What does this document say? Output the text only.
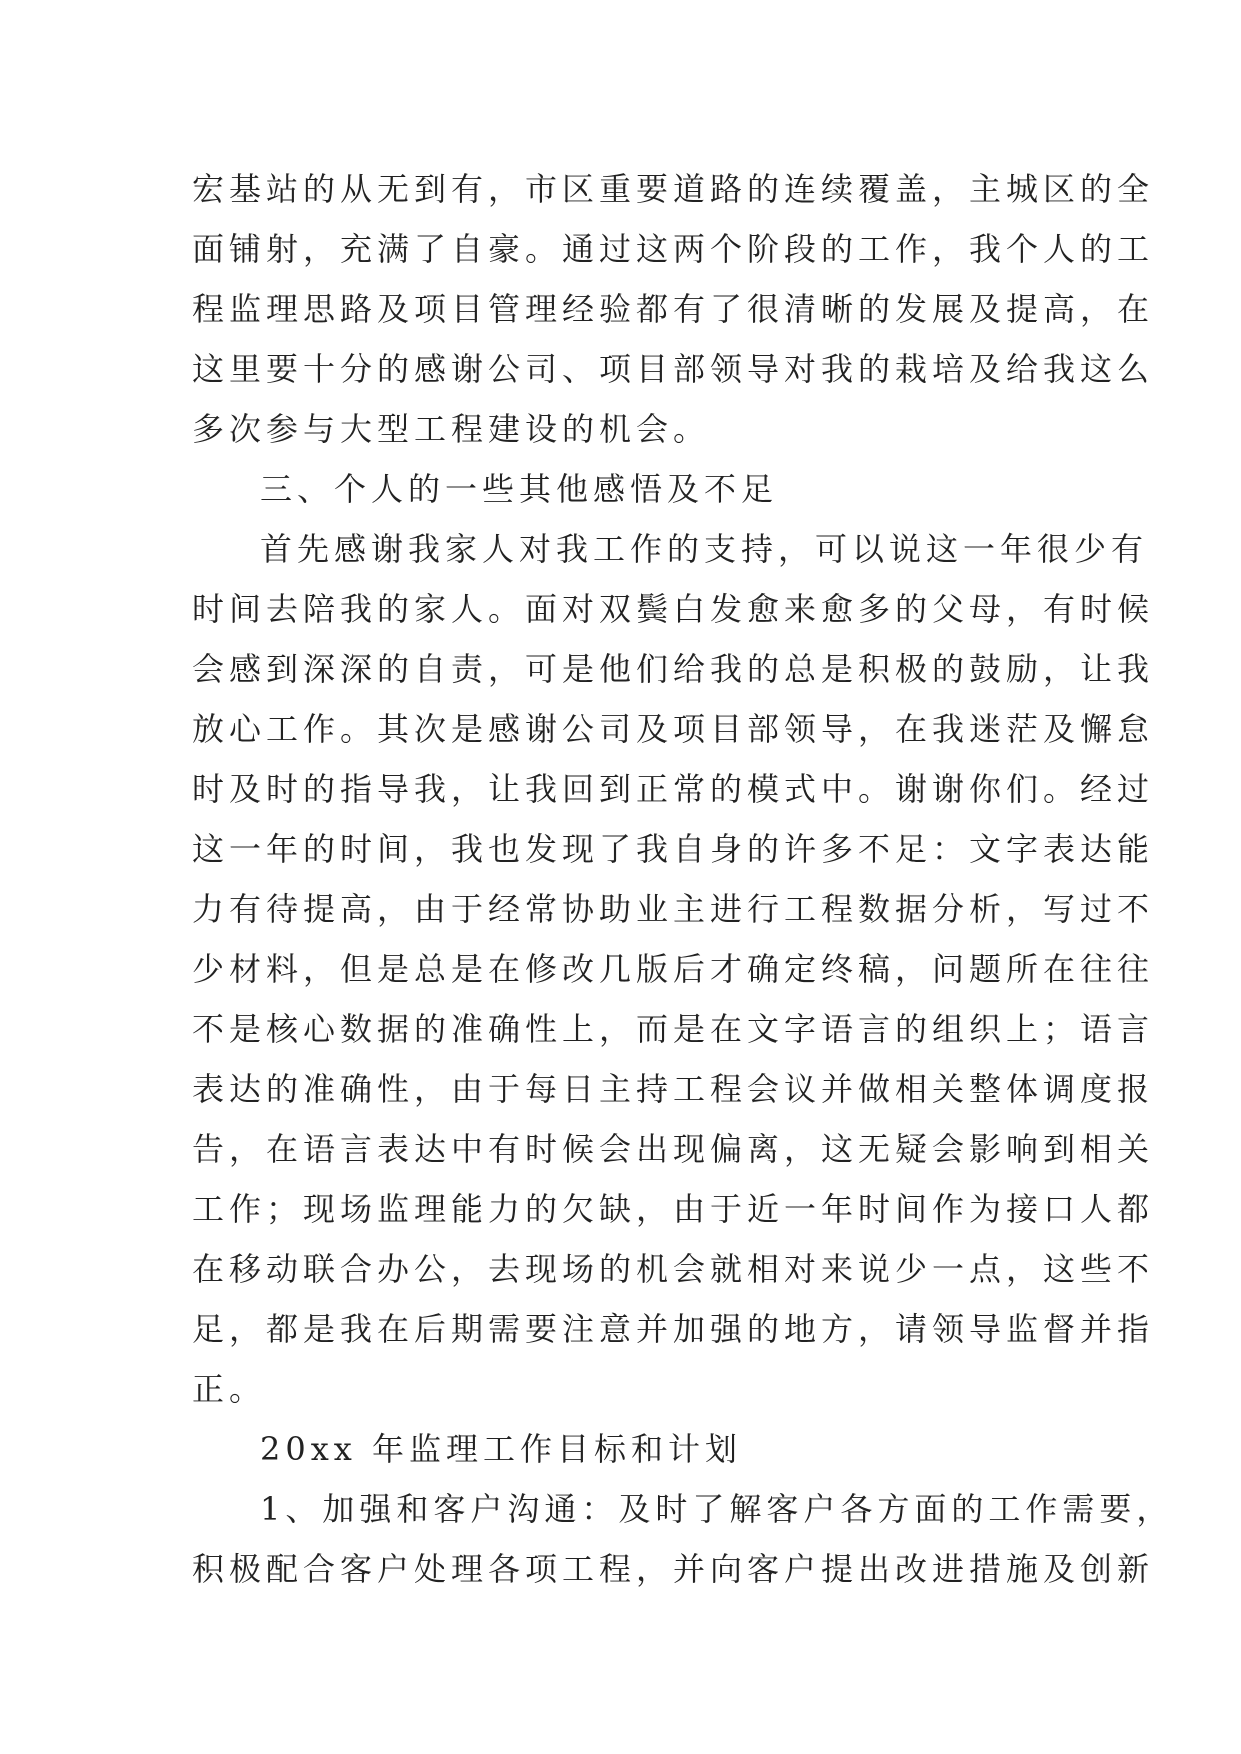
宏基站的从无到有，市区重要道路的连续覆盖，主城区的全
面铺射，充满了自豪。通过这两个阶段的工作，我个人的工
程监理思路及项目管理经验都有了很清晰的发展及提高，在
这里要十分的感谢公司、项目部领导对我的栽培及给我这么
多次参与大型工程建设的机会。

三、个人的一些其他感悟及不足

首先感谢我家人对我工作的支持，可以说这一年很少有
时间去陪我的家人。面对双鬓白发愈来愈多的父母，有时候
会感到深深的自责，可是他们给我的总是积极的鼓励，让我
放心工作。其次是感谢公司及项目部领导，在我迷茫及懈怠
时及时的指导我，让我回到正常的模式中。谢谢你们。经过
这一年的时间，我也发现了我自身的许多不足：文字表达能
力有待提高，由于经常协助业主进行工程数据分析，写过不
少材料，但是总是在修改几版后才确定终稿，问题所在往往
不是核心数据的准确性上，而是在文字语言的组织上；语言
表达的准确性，由于每日主持工程会议并做相关整体调度报
告，在语言表达中有时候会出现偏离，这无疑会影响到相关
工作；现场监理能力的欠缺，由于近一年时间作为接口人都
在移动联合办公，去现场的机会就相对来说少一点，这些不
足，都是我在后期需要注意并加强的地方，请领导监督并指
正。

20xx 年监理工作目标和计划

1、加强和客户沟通：及时了解客户各方面的工作需要，
积极配合客户处理各项工程，并向客户提出改进措施及创新
